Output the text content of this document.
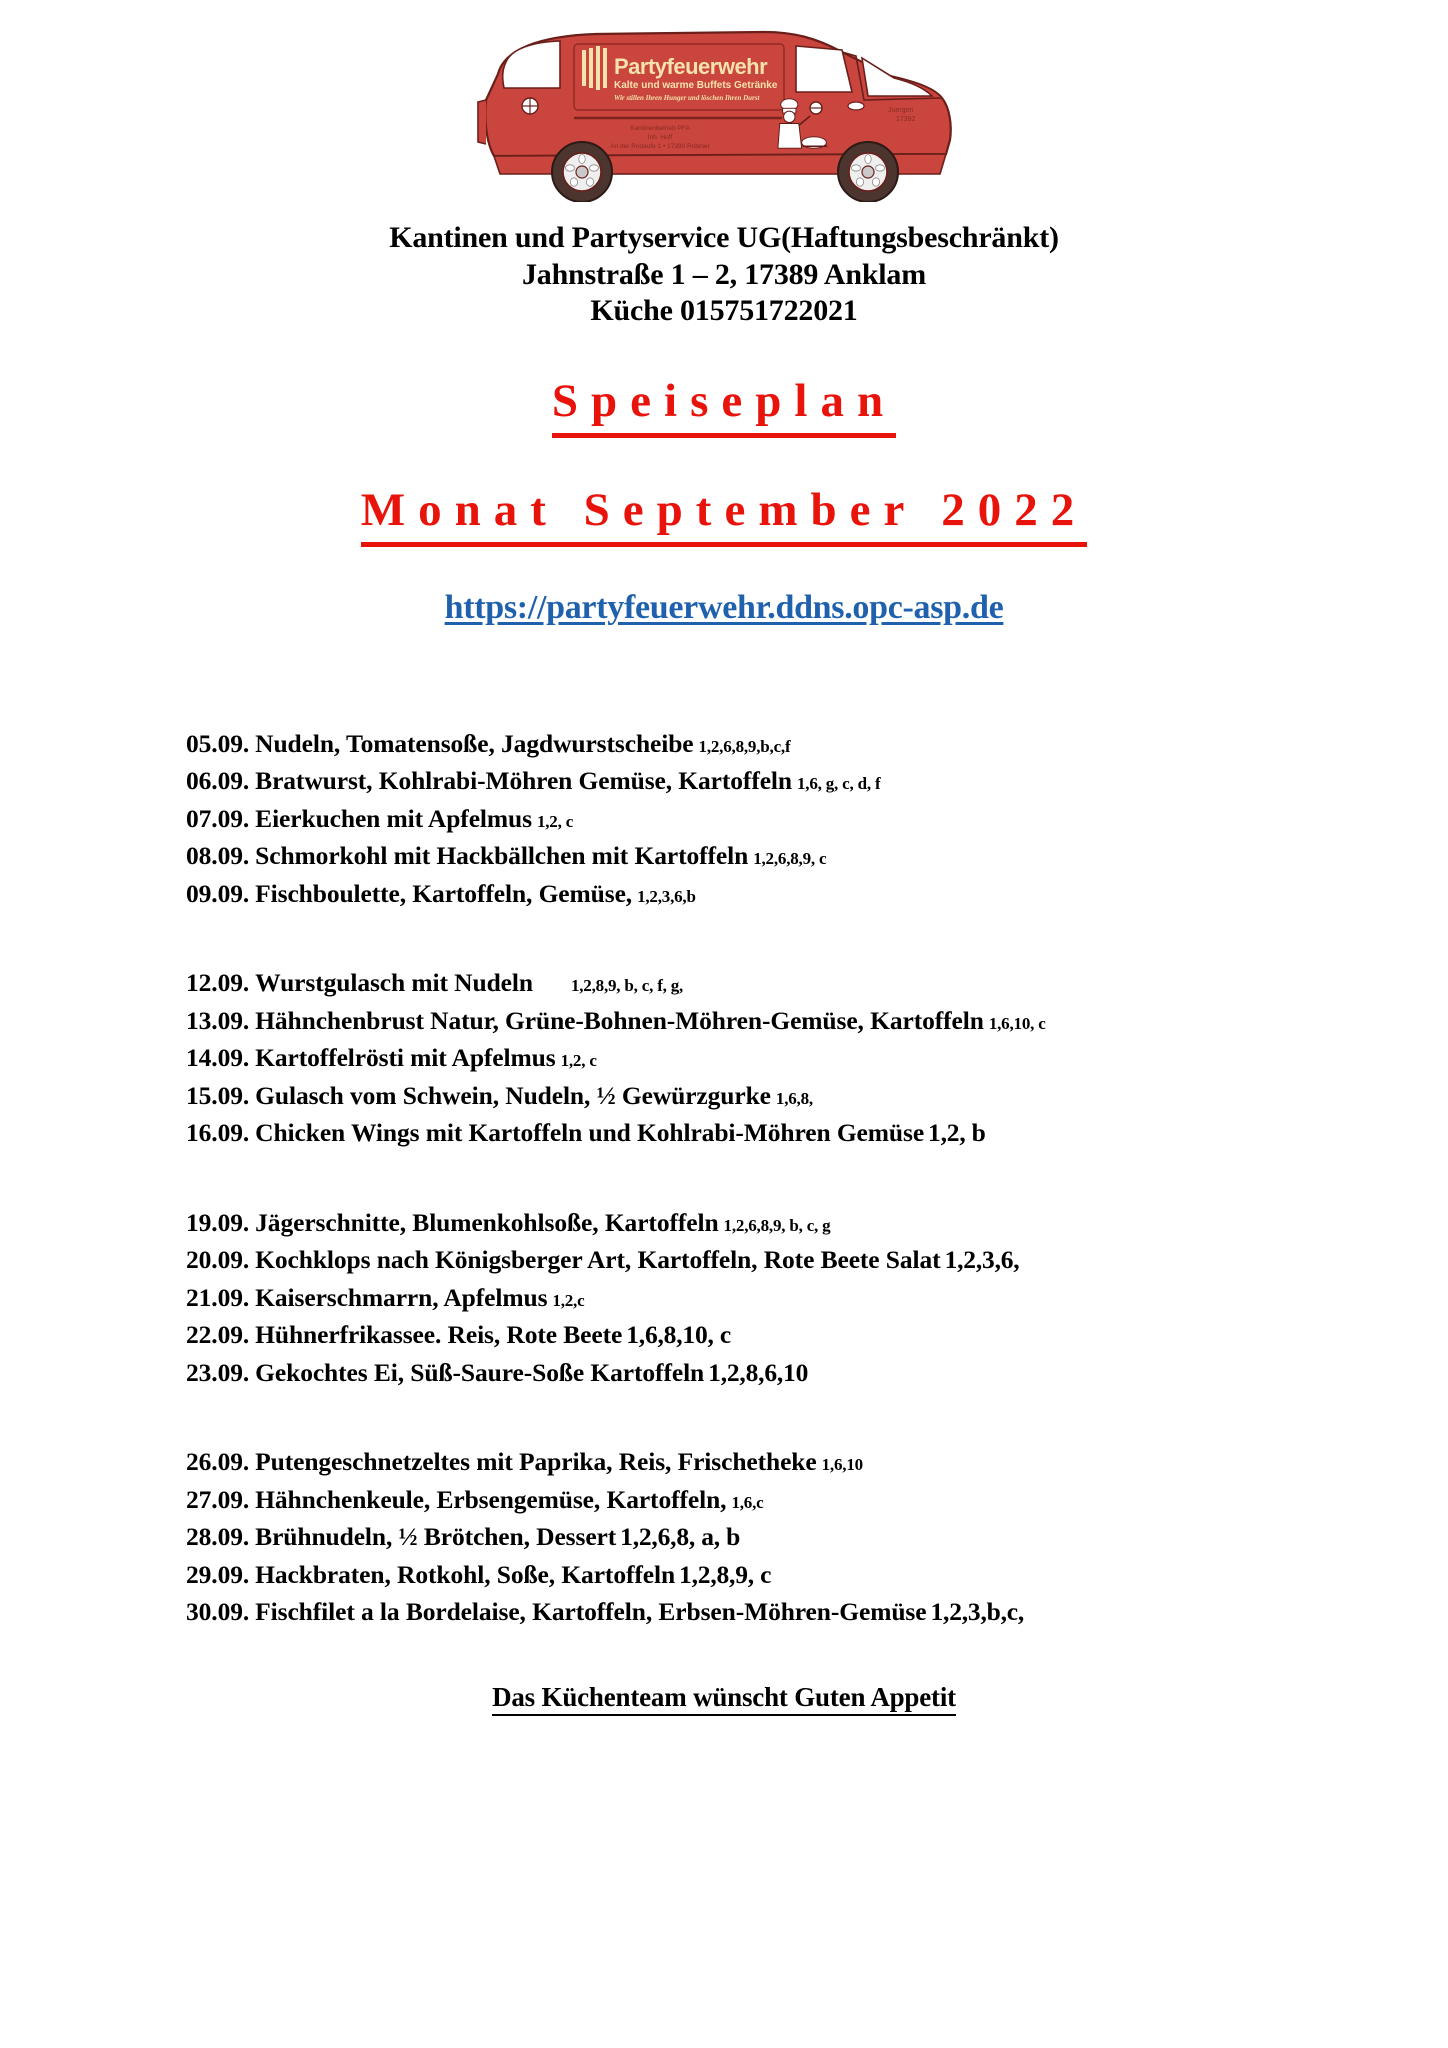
Partyfeuerwehr
Kalte und warme Buffets Getränke
Wir stillen Ihren Hunger und löschen Ihren Durst
Kantinenbetrieb PFA
Inh. Hoff
An der Rodaufe 1 • 17390 Robiner
Juergen
17392
Kantinen und Partyservice UG(Haftungsbeschränkt)
Jahnstraße 1 – 2, 17389 Anklam
Küche 015751722021
Speiseplan
Monat September 2022
https://partyfeuerwehr.ddns.opc-asp.de
05.09. Nudeln, Tomatensoße, Jagdwurstscheibe 1,2,6,8,9,b,c,f
06.09. Bratwurst, Kohlrabi-Möhren Gemüse, Kartoffeln 1,6, g, c, d, f
07.09. Eierkuchen mit Apfelmus 1,2, c
08.09. Schmorkohl mit Hackbällchen mit Kartoffeln 1,2,6,8,9, c
09.09. Fischboulette, Kartoffeln, Gemüse, 1,2,3,6,b
12.09. Wurstgulasch mit Nudeln 1,2,8,9, b, c, f, g,
13.09. Hähnchenbrust Natur, Grüne-Bohnen-Möhren-Gemüse, Kartoffeln 1,6,10, c
14.09. Kartoffelrösti mit Apfelmus 1,2, c
15.09. Gulasch vom Schwein, Nudeln, ½ Gewürzgurke 1,6,8,
16.09. Chicken Wings mit Kartoffeln und Kohlrabi-Möhren Gemüse 1,2, b
19.09. Jägerschnitte, Blumenkohlsoße, Kartoffeln 1,2,6,8,9, b, c, g
20.09. Kochklops nach Königsberger Art, Kartoffeln, Rote Beete Salat 1,2,3,6,
21.09. Kaiserschmarrn, Apfelmus 1,2,c
22.09. Hühnerfrikassee. Reis, Rote Beete 1,6,8,10, c
23.09. Gekochtes Ei, Süß-Saure-Soße Kartoffeln 1,2,8,6,10
26.09. Putengeschnetzeltes mit Paprika, Reis, Frischetheke 1,6,10
27.09. Hähnchenkeule, Erbsengemüse, Kartoffeln, 1,6,c
28.09. Brühnudeln, ½ Brötchen, Dessert 1,2,6,8, a, b
29.09. Hackbraten, Rotkohl, Soße, Kartoffeln 1,2,8,9, c
30.09. Fischfilet a la Bordelaise, Kartoffeln, Erbsen-Möhren-Gemüse 1,2,3,b,c,
Das Küchenteam wünscht Guten Appetit
